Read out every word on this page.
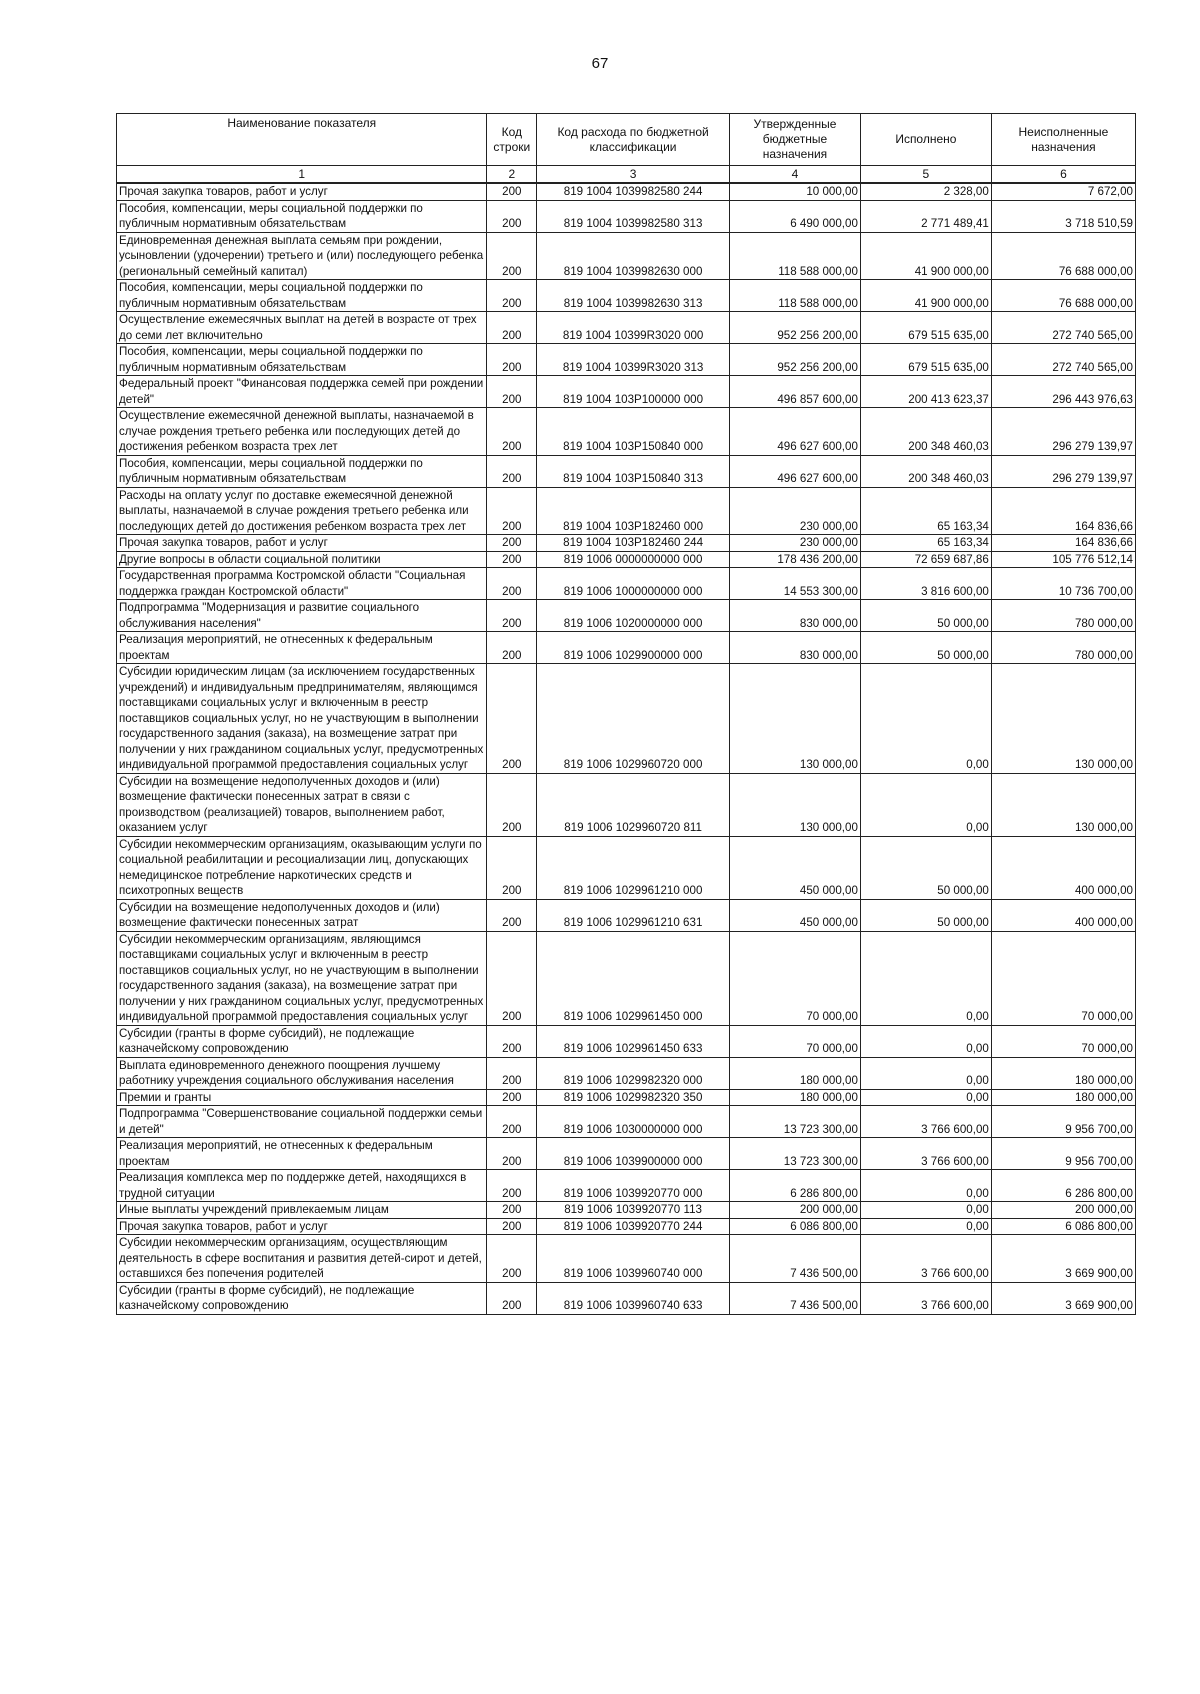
67
Наименование показателя	Код строки	Код расхода по бюджетной классификации	Утвержденные бюджетные назначения	Исполнено	Неисполненные назначения
1	2	3	4	5	6
Прочая закупка товаров, работ и услуг	200	819 1004 1039982580 244	10 000,00	2 328,00	7 672,00
Пособия, компенсации, меры социальной поддержки по публичным нормативным обязательствам	200	819 1004 1039982580 313	6 490 000,00	2 771 489,41	3 718 510,59
Единовременная денежная выплата семьям при рождении, усыновлении (удочерении) третьего и (или) последующего ребенка (региональный семейный капитал)	200	819 1004 1039982630 000	118 588 000,00	41 900 000,00	76 688 000,00
Пособия, компенсации, меры социальной поддержки по публичным нормативным обязательствам	200	819 1004 1039982630 313	118 588 000,00	41 900 000,00	76 688 000,00
Осуществление ежемесячных выплат на детей в возрасте от трех до семи лет включительно	200	819 1004 10399R3020 000	952 256 200,00	679 515 635,00	272 740 565,00
Пособия, компенсации, меры социальной поддержки по публичным нормативным обязательствам	200	819 1004 10399R3020 313	952 256 200,00	679 515 635,00	272 740 565,00
Федеральный проект "Финансовая поддержка семей при рождении детей"	200	819 1004 103P100000 000	496 857 600,00	200 413 623,37	296 443 976,63
Осуществление ежемесячной денежной выплаты, назначаемой в случае рождения третьего ребенка или последующих детей до достижения ребенком возраста трех лет	200	819 1004 103P150840 000	496 627 600,00	200 348 460,03	296 279 139,97
Пособия, компенсации, меры социальной поддержки по публичным нормативным обязательствам	200	819 1004 103P150840 313	496 627 600,00	200 348 460,03	296 279 139,97
Расходы на оплату услуг по доставке ежемесячной денежной выплаты, назначаемой в случае рождения третьего ребенка или последующих детей до достижения ребенком возраста трех лет	200	819 1004 103P182460 000	230 000,00	65 163,34	164 836,66
Прочая закупка товаров, работ и услуг	200	819 1004 103P182460 244	230 000,00	65 163,34	164 836,66
Другие вопросы в области социальной политики	200	819 1006 0000000000 000	178 436 200,00	72 659 687,86	105 776 512,14
Государственная программа Костромской области "Социальная поддержка граждан Костромской области"	200	819 1006 1000000000 000	14 553 300,00	3 816 600,00	10 736 700,00
Подпрограмма "Модернизация и развитие социального обслуживания населения"	200	819 1006 1020000000 000	830 000,00	50 000,00	780 000,00
Реализация мероприятий, не отнесенных к федеральным проектам	200	819 1006 1029900000 000	830 000,00	50 000,00	780 000,00
Субсидии юридическим лицам (за исключением государственных учреждений) и индивидуальным предпринимателям, являющимся поставщиками социальных услуг и включенным в реестр поставщиков социальных услуг, но не участвующим в выполнении государственного задания (заказа), на возмещение затрат при получении у них гражданином социальных услуг, предусмотренных индивидуальной программой предоставления социальных услуг	200	819 1006 1029960720 000	130 000,00	0,00	130 000,00
Субсидии на возмещение недополученных доходов и (или) возмещение фактически понесенных затрат в связи с производством (реализацией) товаров, выполнением работ, оказанием услуг	200	819 1006 1029960720 811	130 000,00	0,00	130 000,00
Субсидии некоммерческим организациям, оказывающим услуги по социальной реабилитации и ресоциализации лиц, допускающих немедицинское потребление наркотических средств и психотропных веществ	200	819 1006 1029961210 000	450 000,00	50 000,00	400 000,00
Субсидии на возмещение недополученных доходов и (или) возмещение фактически понесенных затрат	200	819 1006 1029961210 631	450 000,00	50 000,00	400 000,00
Субсидии некоммерческим организациям, являющимся поставщиками социальных услуг и включенным в реестр поставщиков социальных услуг, но не участвующим в выполнении государственного задания (заказа), на возмещение затрат при получении у них гражданином социальных услуг, предусмотренных индивидуальной программой предоставления социальных услуг	200	819 1006 1029961450 000	70 000,00	0,00	70 000,00
Субсидии (гранты в форме субсидий), не подлежащие казначейскому сопровождению	200	819 1006 1029961450 633	70 000,00	0,00	70 000,00
Выплата единовременного денежного поощрения лучшему работнику учреждения социального обслуживания населения	200	819 1006 1029982320 000	180 000,00	0,00	180 000,00
Премии и гранты	200	819 1006 1029982320 350	180 000,00	0,00	180 000,00
Подпрограмма "Совершенствование социальной поддержки семьи и детей"	200	819 1006 1030000000 000	13 723 300,00	3 766 600,00	9 956 700,00
Реализация мероприятий, не отнесенных к федеральным проектам	200	819 1006 1039900000 000	13 723 300,00	3 766 600,00	9 956 700,00
Реализация комплекса мер по поддержке детей, находящихся в трудной ситуации	200	819 1006 1039920770 000	6 286 800,00	0,00	6 286 800,00
Иные выплаты учреждений привлекаемым лицам	200	819 1006 1039920770 113	200 000,00	0,00	200 000,00
Прочая закупка товаров, работ и услуг	200	819 1006 1039920770 244	6 086 800,00	0,00	6 086 800,00
Субсидии некоммерческим организациям, осуществляющим деятельность в сфере воспитания и развития детей-сирот и детей, оставшихся без попечения родителей	200	819 1006 1039960740 000	7 436 500,00	3 766 600,00	3 669 900,00
Субсидии (гранты в форме субсидий), не подлежащие казначейскому сопровождению	200	819 1006 1039960740 633	7 436 500,00	3 766 600,00	3 669 900,00
